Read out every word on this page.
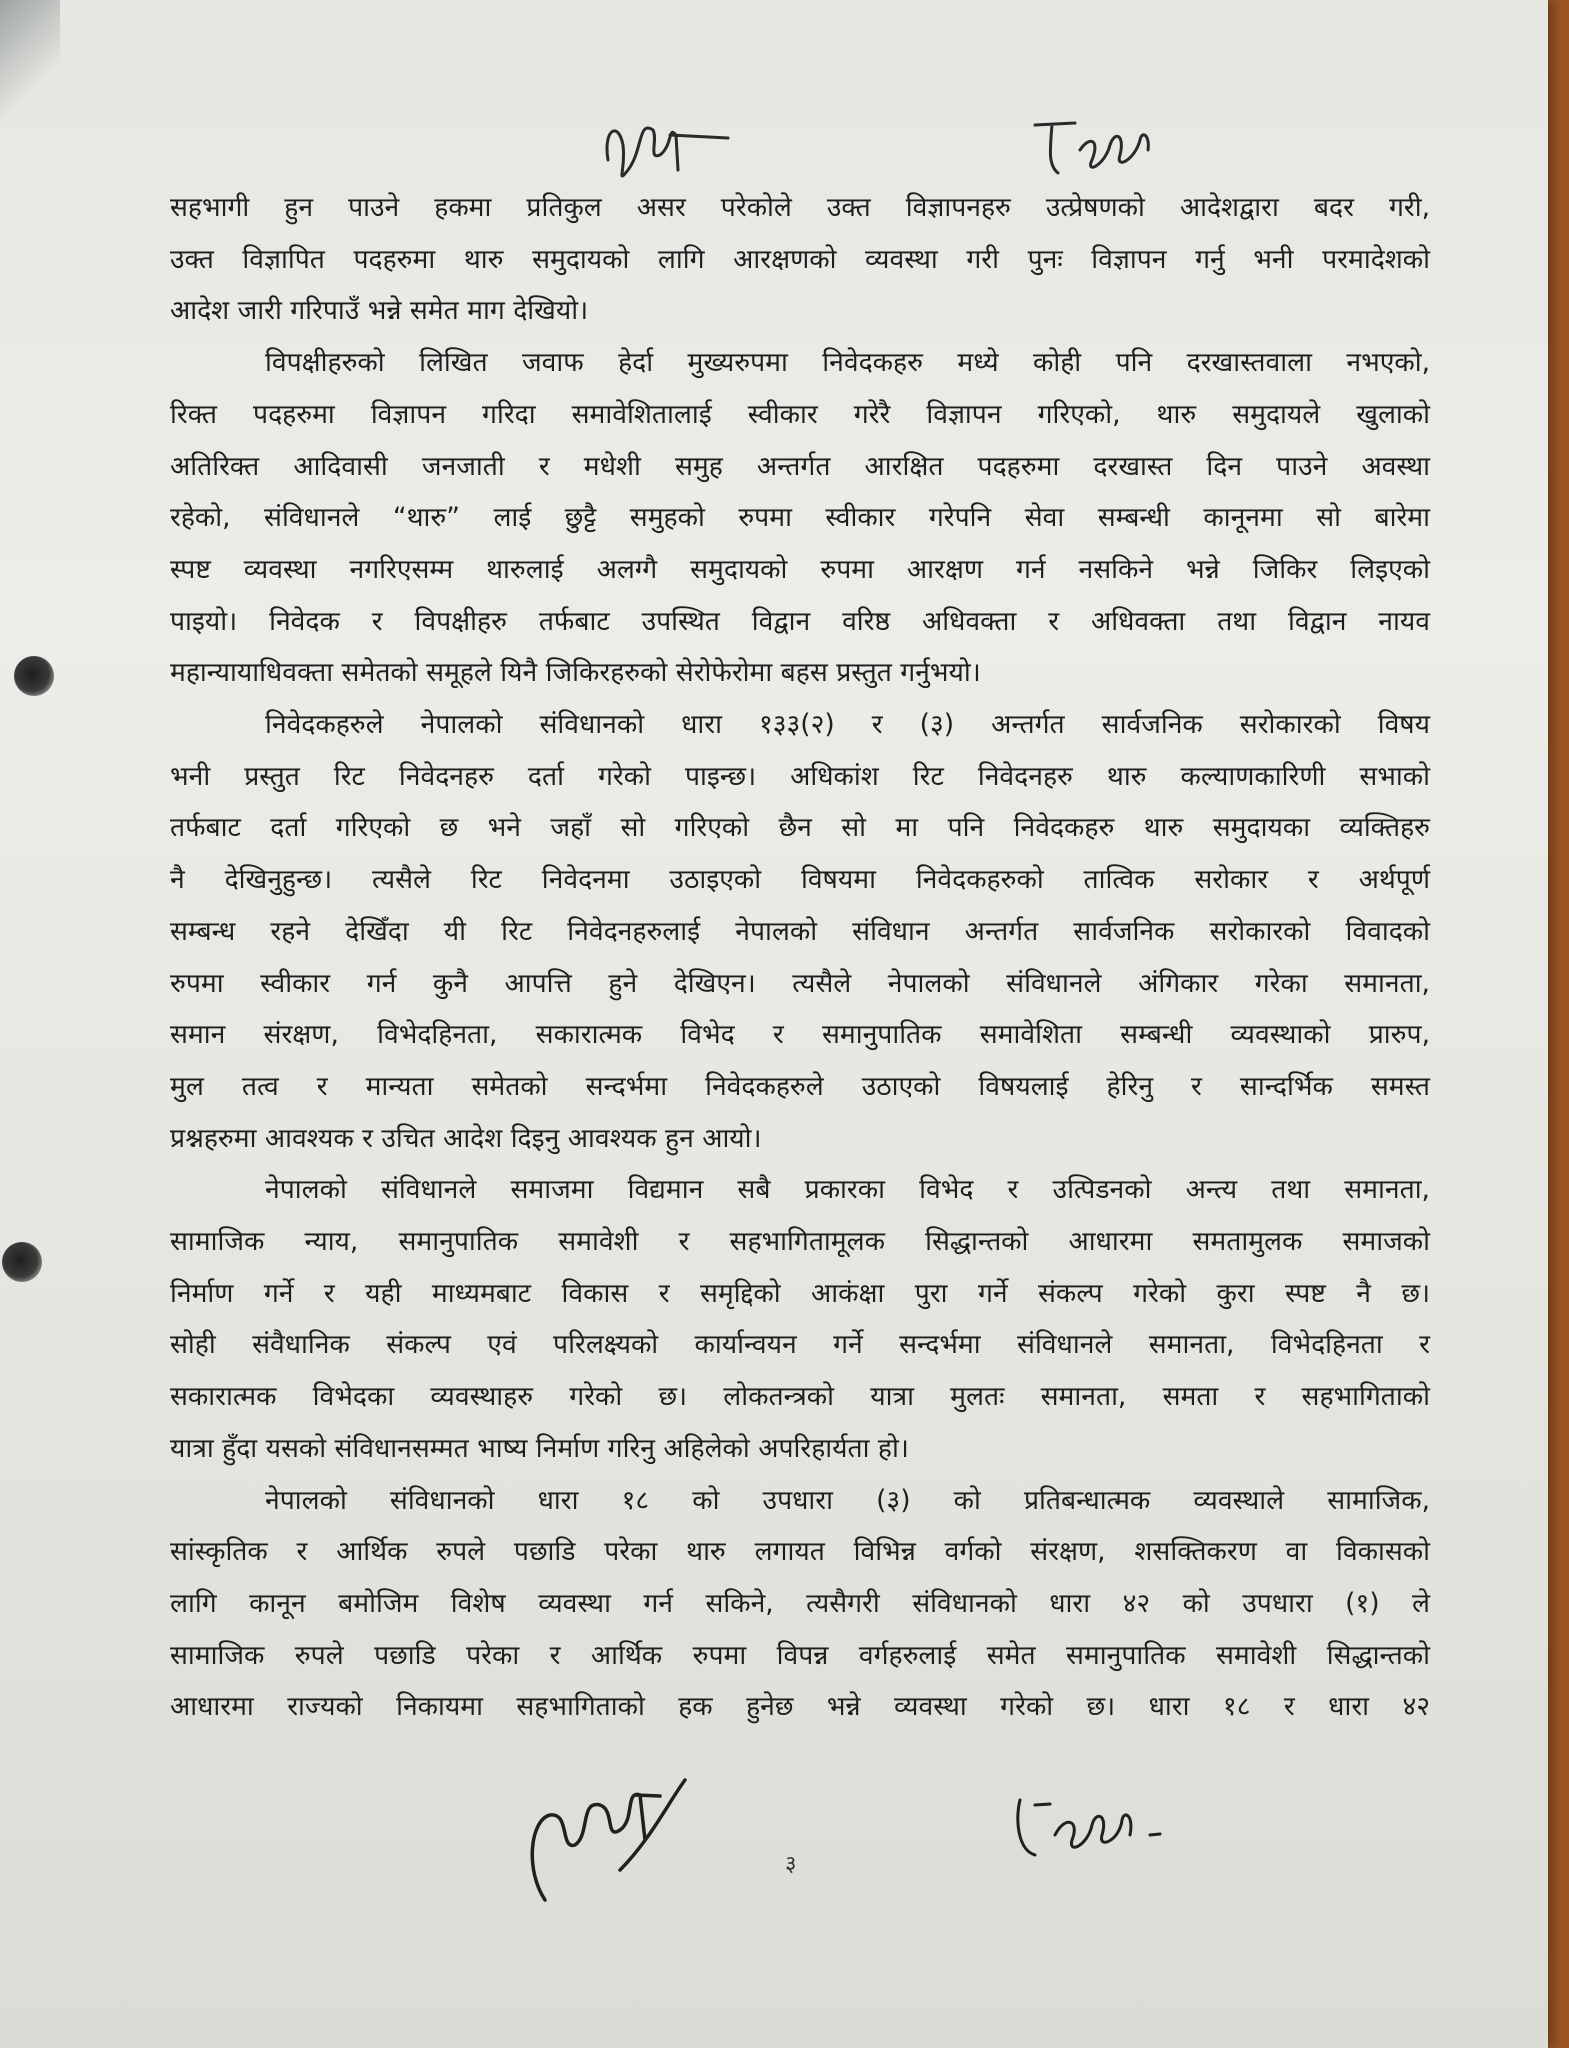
सहभागी हुन पाउने हकमा प्रतिकुल असर परेकोले उक्त विज्ञापनहरु उत्प्रेषणको आदेशद्वारा बदर गरी,
उक्त विज्ञापित पदहरुमा थारु समुदायको लागि आरक्षणको व्यवस्था गरी पुनः विज्ञापन गर्नु भनी परमादेशको
आदेश जारी गरिपाउँ भन्ने समेत माग देखियो।

विपक्षीहरुको लिखित जवाफ हेर्दा मुख्यरुपमा निवेदकहरु मध्ये कोही पनि दरखास्तवाला नभएको,
रिक्त पदहरुमा विज्ञापन गरिदा समावेशितालाई स्वीकार गरेरै विज्ञापन गरिएको, थारु समुदायले खुलाको
अतिरिक्त आदिवासी जनजाती र मधेशी समुह अन्तर्गत आरक्षित पदहरुमा दरखास्त दिन पाउने अवस्था
रहेको, संविधानले “थारु” लाई छुट्टै समुहको रुपमा स्वीकार गरेपनि सेवा सम्बन्धी कानूनमा सो बारेमा
स्पष्ट व्यवस्था नगरिएसम्म थारुलाई अलग्गै समुदायको रुपमा आरक्षण गर्न नसकिने भन्ने जिकिर लिइएको
पाइयो। निवेदक र विपक्षीहरु तर्फबाट उपस्थित विद्वान वरिष्ठ अधिवक्ता र अधिवक्ता तथा विद्वान नायव
महान्यायाधिवक्ता समेतको समूहले यिनै जिकिरहरुको सेरोफेरोमा बहस प्रस्तुत गर्नुभयो।

निवेदकहरुले नेपालको संविधानको धारा १३३(२) र (३) अन्तर्गत सार्वजनिक सरोकारको विषय
भनी प्रस्तुत रिट निवेदनहरु दर्ता गरेको पाइन्छ। अधिकांश रिट निवेदनहरु थारु कल्याणकारिणी सभाको
तर्फबाट दर्ता गरिएको छ भने जहाँ सो गरिएको छैन सो मा पनि निवेदकहरु थारु समुदायका व्यक्तिहरु
नै देखिनुहुन्छ। त्यसैले रिट निवेदनमा उठाइएको विषयमा निवेदकहरुको तात्विक सरोकार र अर्थपूर्ण
सम्बन्ध रहने देखिँदा यी रिट निवेदनहरुलाई नेपालको संविधान अन्तर्गत सार्वजनिक सरोकारको विवादको
रुपमा स्वीकार गर्न कुनै आपत्ति हुने देखिएन। त्यसैले नेपालको संविधानले अंगिकार गरेका समानता,
समान संरक्षण, विभेदहिनता, सकारात्मक विभेद र समानुपातिक समावेशिता सम्बन्धी व्यवस्थाको प्रारुप,
मुल तत्व र मान्यता समेतको सन्दर्भमा निवेदकहरुले उठाएको विषयलाई हेरिनु र सान्दर्भिक समस्त
प्रश्नहरुमा आवश्यक र उचित आदेश दिइनु आवश्यक हुन आयो।

नेपालको संविधानले समाजमा विद्यमान सबै प्रकारका विभेद र उत्पिडनको अन्त्य तथा समानता,
सामाजिक न्याय, समानुपातिक समावेशी र सहभागितामूलक सिद्धान्तको आधारमा समतामुलक समाजको
निर्माण गर्ने र यही माध्यमबाट विकास र समृद्दिको आकंक्षा पुरा गर्ने संकल्प गरेको कुरा स्पष्ट नै छ।
सोही संवैधानिक संकल्प एवं परिलक्ष्यको कार्यान्वयन गर्ने सन्दर्भमा संविधानले समानता, विभेदहिनता र
सकारात्मक विभेदका व्यवस्थाहरु गरेको छ। लोकतन्त्रको यात्रा मुलतः समानता, समता र सहभागिताको
यात्रा हुँदा यसको संविधानसम्मत भाष्य निर्माण गरिनु अहिलेको अपरिहार्यता हो।

नेपालको संविधानको धारा १८ को उपधारा (३) को प्रतिबन्धात्मक व्यवस्थाले सामाजिक,
सांस्कृतिक र आर्थिक रुपले पछाडि परेका थारु लगायत विभिन्न वर्गको संरक्षण, शसक्तिकरण वा विकासको
लागि कानून बमोजिम विशेष व्यवस्था गर्न सकिने, त्यसैगरी संविधानको धारा ४२ को उपधारा (१) ले
सामाजिक रुपले पछाडि परेका र आर्थिक रुपमा विपन्न वर्गहरुलाई समेत समानुपातिक समावेशी सिद्धान्तको
आधारमा राज्यको निकायमा सहभागिताको हक हुनेछ भन्ने व्यवस्था गरेको छ। धारा १८ र धारा ४२

३
